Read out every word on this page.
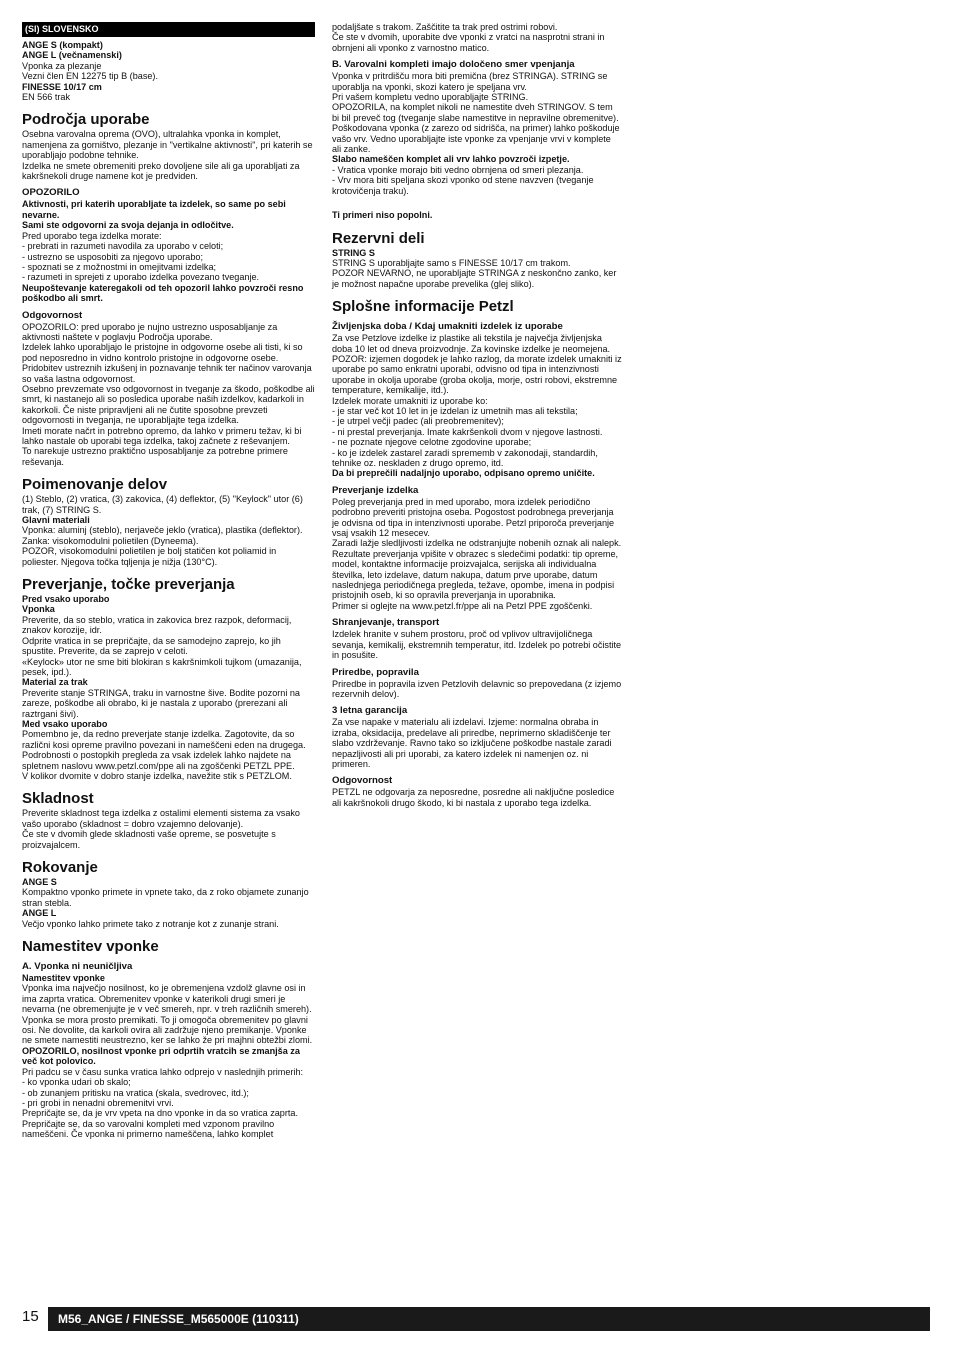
(SI) SLOVENSKO

ANGE S (kompakt)

ANGE L (večnamenski)

Vponka za plezanje

Vezni člen EN 12275 tip B (base).

FINESSE 10/17 cm

EN 566 trak

Področja uporabe

Osebna varovalna oprema (OVO), ultralahka vponka in komplet, namenjena za gorništvo, plezanje in "vertikalne aktivnosti", pri katerih se uporabljajo podobne tehnike.
Izdelka ne smete obremeniti preko dovoljene sile ali ga uporabljati za kakršnekoli druge namene kot je predviden.

OPOZORILO

Aktivnosti, pri katerih uporabljate ta izdelek, so same po sebi nevarne.
Sami ste odgovorni za svoja dejanja in odločitve.

Pred uporabo tega izdelka morate:
- prebrati in razumeti navodila za uporabo v celoti;
- ustrezno se usposobiti za njegovo uporabo;
- spoznati se z možnostmi in omejitvami izdelka;
- razumeti in sprejeti z uporabo izdelka povezano tveganje.

Neupoštevanje kateregakoli od teh opozoril lahko povzroči resno poškodbo ali smrt.

Odgovornost

OPOZORILO: pred uporabo je nujno ustrezno usposabljanje za aktivnosti naštete v poglavju Področja uporabe.
Izdelek lahko uporabljajo le pristojne in odgovorne osebe ali tisti, ki so pod neposredno in vidno kontrolo pristojne in odgovorne osebe.
Pridobitev ustreznih izkušenj in poznavanje tehnik ter načinov varovanja so vaša lastna odgovornost.
Osebno prevzemate vso odgovornost in tveganje za škodo, poškodbe ali smrt, ki nastanejo ali so posledica uporabe naših izdelkov, kadarkoli in kakorkoli. Če niste pripravljeni ali ne čutite sposobne prevzeti odgovornosti in tveganja, ne uporabljajte tega izdelka.
Imeti morate načrt in potrebno opremo, da lahko v primeru težav, ki bi lahko nastale ob uporabi tega izdelka, takoj začnete z reševanjem.
To narekuje ustrezno praktično usposabljanje za potrebne primere reševanja.

Poimenovanje delov

(1) Steblo, (2) vratica, (3) zakovica, (4) deflektor, (5) "Keylock" utor (6) trak, (7) STRING S.

Glavni materiali

Vponka: aluminj (steblo), nerjaveče jeklo (vratica), plastika (deflektor).
Zanka: visokomodulni polietilen (Dyneema).
POZOR, visokomodulni polietilen je bolj statičen kot poliamid in poliester. Njegova točka tqljenja je nižja (130°C).

Preverjanje, točke preverjanja

Pred vsako uporabo
Vponka

Preverite, da so steblo, vratica in zakovica brez razpok, deformacij, znakov korozije, idr.
Odprite vratica in se prepričajte, da se samodejno zaprejo, ko jih spustite. Preverite, da se zaprejo v celoti.
«Keylock» utor ne sme biti blokiran s kakršnimkoli tujkom (umazanija, pesek, ipd.).

Material za trak

Preverite stanje STRINGA, traku in varnostne šive. Bodite pozorni na zareze, poškodbe ali obrabo, ki je nastala z uporabo (prerezani ali raztrgani šivi).

Med vsako uporabo

Pomembno je, da redno preverjate stanje izdelka. Zagotovite, da so različni kosi opreme pravilno povezani in nameščeni eden na drugega.
Podrobnosti o postopkih pregleda za vsak izdelek lahko najdete na spletnem naslovu www.petzl.com/ppe ali na zgoščenki PETZL PPE.
V kolikor dvomite v dobro stanje izdelka, navežite stik s PETZLOM.

Skladnost

Preverite skladnost tega izdelka z ostalimi elementi sistema za vsako vašo uporabo (skladnost = dobro vzajemno delovanje).
Če ste v dvomih glede skladnosti vaše opreme, se posvetujte s proizvajalcem.

Rokovanje

ANGE S

Kompaktno vponko primete in vpnete tako, da z roko objamete zunanjo stran stebla.

ANGE L

Večjo vponko lahko primete tako z notranje kot z zunanje strani.

Namestitev vponke
A. Vponka ni neuničljiva

Namestitev vponke

Vponka ima največjo nosilnost, ko je obremenjena vzdolž glavne osi in ima zaprta vratica. Obremenitev vponke v katerikoli drugi smeri je nevarna (ne obremenjujte je v več smereh, npr. v treh različnih smereh).
Vponka se mora prosto premikati. To ji omogoča obremenitev po glavni osi. Ne dovolite, da karkoli ovira ali zadržuje njeno premikanje. Vponke ne smete namestiti neustrezno, ker se lahko že pri majhni obtežbi zlomi.

OPOZORILO, nosilnost vponke pri odprtih vratcih se zmanjša za več kot polovico.

Pri padcu se v času sunka vratica lahko odprejo v naslednjih primerih:
- ko vponka udari ob skalo;
- ob zunanjem pritisku na vratica (skala, svedrovec, itd.);
- pri grobi in nenadni obremenitvi vrvi.
Prepričajte se, da je vrv vpeta na dno vponke in da so vratica zaprta.
Prepričajte se, da so varovalni kompleti med vzponom pravilno nameščeni. Če vponka ni primerno nameščena, lahko komplet

podaljšate s trakom. Zaščitite ta trak pred ostrimi robovi.
Če ste v dvomih, uporabite dve vponki z vratci na nasprotni strani in obrnjeni ali vponko z varnostno matico.

B. Varovalni kompleti imajo določeno smer vpenjanja

Vponka v pritrdišču mora biti premična (brez STRINGA). STRING se uporablja na vponki, skozi katero je speljana vrv.
Pri vašem kompletu vedno uporabljajte STRING.
OPOZORILA, na komplet nikoli ne namestite dveh STRINGOV. S tem bi bil preveč tog (tveganje slabe namestitve in nepravilne obremenitve).
Poškodovana vponka (z zarezo od sidrišča, na primer) lahko poškoduje vašo vrv. Vedno uporabljajte iste vponke za vpenjanje vrvi v komplete ali zanke.

Slabo nameščen komplet ali vrv lahko povzroči izpetje.

- Vratica vponke morajo biti vedno obrnjena od smeri plezanja.
- Vrv mora biti speljana skozi vponko od stene navzven (tveganje krotovičenja traku).

Ti primeri niso popolni.

Rezervni deli

STRING S

STRING S uporabljajte samo s FINESSE 10/17 cm trakom.
POZOR NEVARNO, ne uporabljajte STRINGA z neskončno zanko, ker je možnost napačne uporabe prevelika (glej sliko).

Splošne informacije Petzl
Življenjska doba / Kdaj umakniti izdelek iz uporabe

Za vse Petzlove izdelke iz plastike ali tekstila je največja življenjska doba 10 let od dneva proizvodnje. Za kovinske izdelke je neomejena.
POZOR: izjemen dogodek je lahko razlog, da morate izdelek umakniti iz uporabe po samo enkratni uporabi, odvisno od tipa in intenzivnosti uporabe in okolja uporabe (groba okolja, morje, ostri robovi, ekstremne temperature, kemikalije, itd.).
Izdelek morate umakniti iz uporabe ko:
- je star več kot 10 let in je izdelan iz umetnih mas ali tekstila;
- je utrpel večji padec (ali preobremenitev);
- ni prestal preverjanja. Imate kakršenkoli dvom v njegove lastnosti.
- ne poznate njegove celotne zgodovine uporabe;
- ko je izdelek zastarel zaradi sprememb v zakonodaji, standardih, tehnike oz. neskladen z drugo opremo, itd.

Da bi preprečili nadaljnjo uporabo, odpisano opremo uničite.

Preverjanje izdelka

Poleg preverjanja pred in med uporabo, mora izdelek periodično podrobno preveriti pristojna oseba. Pogostost podrobnega preverjanja je odvisna od tipa in intenzivnosti uporabe. Petzl priporoča preverjanje vsaj vsakih 12 mesecev.
Zaradi lažje sledljivosti izdelka ne odstranjujte nobenih oznak ali nalepk.
Rezultate preverjanja vpišite v obrazec s sledečimi podatki: tip opreme, model, kontaktne informacije proizvajalca, serijska ali individualna številka, leto izdelave, datum nakupa, datum prve uporabe, datum naslednjega periodičnega pregleda, težave, opombe, imena in podpisi pristojnih oseb, ki so opravila preverjanja in uporabnika.
Primer si oglejte na www.petzl.fr/ppe ali na Petzl PPE zgoščenki.

Shranjevanje, transport

Izdelek hranite v suhem prostoru, proč od vplivov ultravijoličnega sevanja, kemikalij, ekstremnih temperatur, itd. Izdelek po potrebi očistite in posušite.

Priredbe, popravila

Priredbe in popravila izven Petzlovih delavnic so prepovedana (z izjemo rezervnih delov).

3 letna garancija

Za vse napake v materialu ali izdelavi. Izjeme: normalna obraba in izraba, oksidacija, predelave ali priredbe, neprimerno skladiščenje ter slabo vzdrževanje. Ravno tako so izključene poškodbe nastale zaradi nepazljivosti ali pri uporabi, za katero izdelek ni namenjen oz. ni primeren.

Odgovornost

PETZL ne odgovarja za neposredne, posredne ali naključne posledice ali kakršnokoli drugo škodo, ki bi nastala z uporabo tega izdelka.

15	M56_ANGE / FINESSE_M565000E (110311)
